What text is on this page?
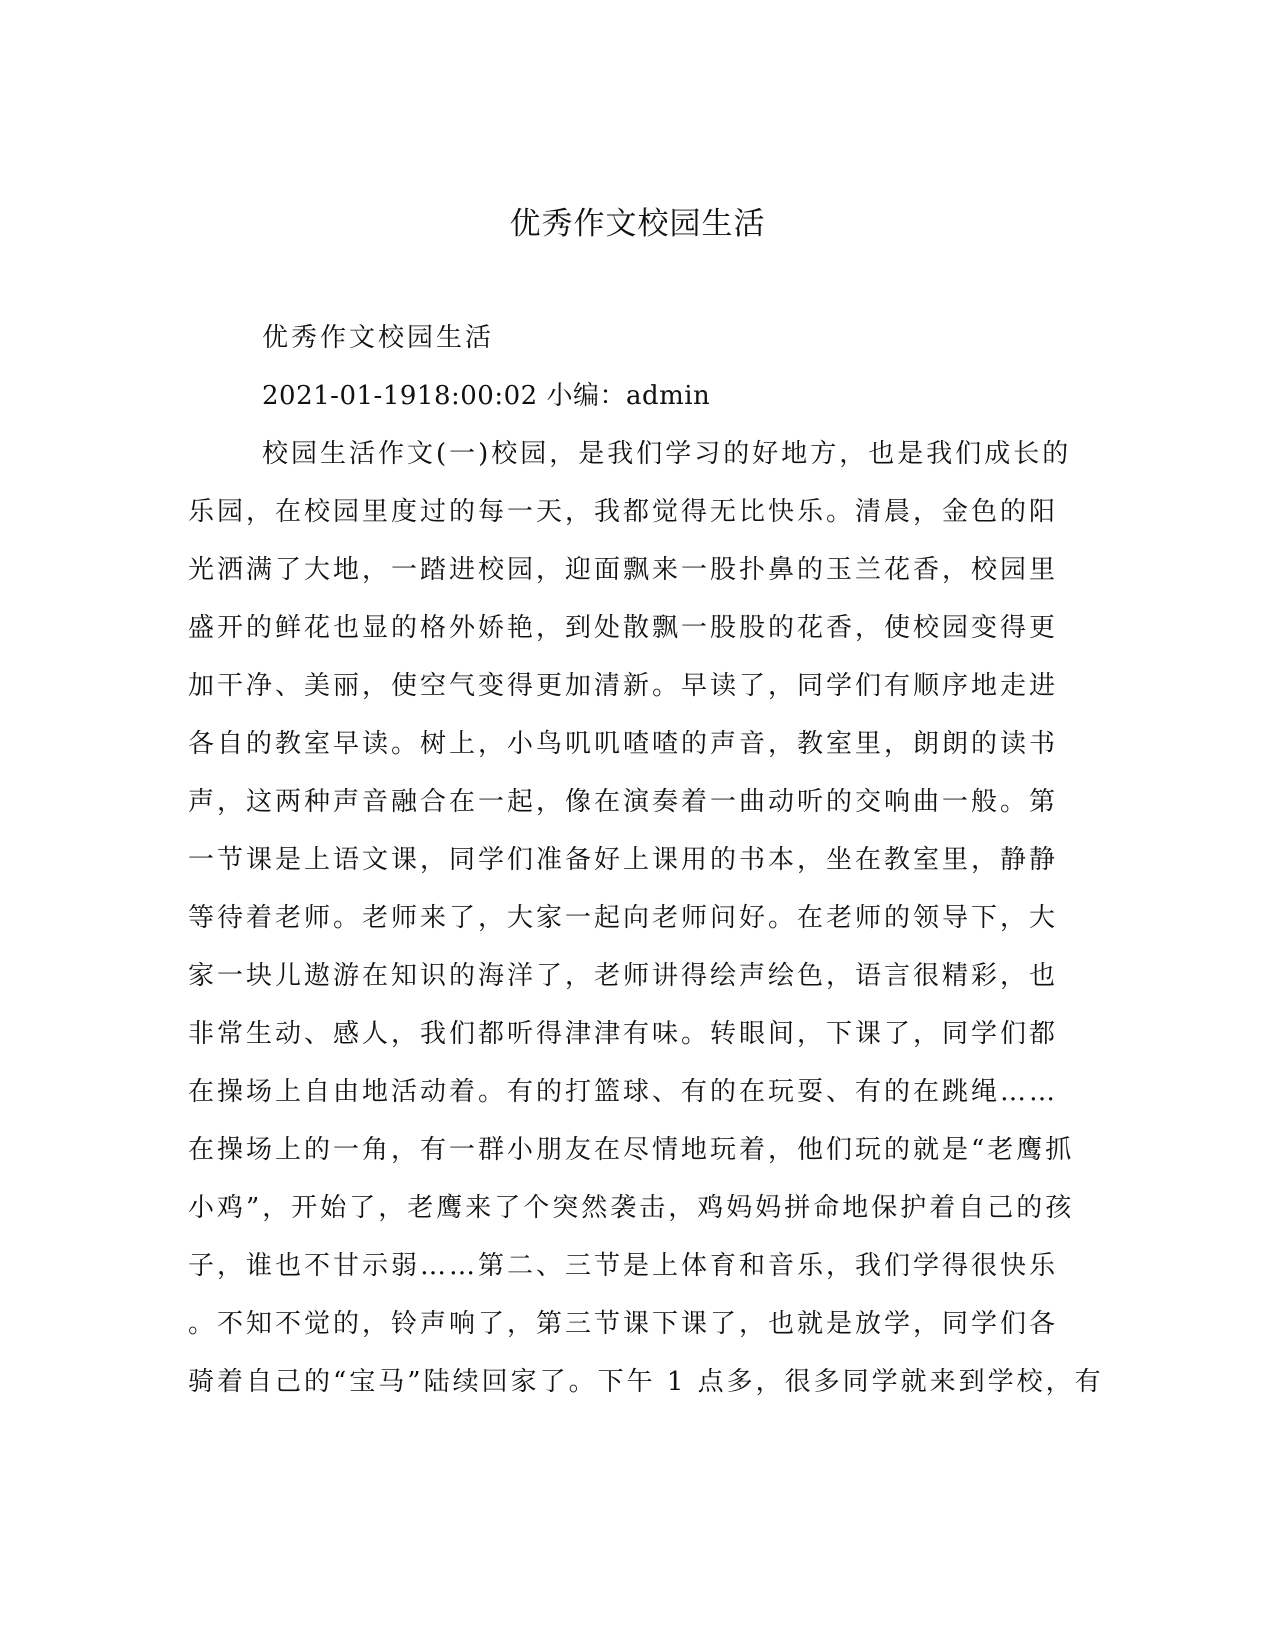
优秀作文校园生活
优秀作文校园生活
2021-01-1918:00:02 小编：admin
校园生活作文(一)校园，是我们学习的好地方，也是我们成长的
乐园，在校园里度过的每一天，我都觉得无比快乐。清晨，金色的阳
光洒满了大地，一踏进校园，迎面飘来一股扑鼻的玉兰花香，校园里
盛开的鲜花也显的格外娇艳，到处散飘一股股的花香，使校园变得更
加干净、美丽，使空气变得更加清新。早读了，同学们有顺序地走进
各自的教室早读。树上，小鸟叽叽喳喳的声音，教室里，朗朗的读书
声，这两种声音融合在一起，像在演奏着一曲动听的交响曲一般。第
一节课是上语文课，同学们准备好上课用的书本，坐在教室里，静静
等待着老师。老师来了，大家一起向老师问好。在老师的领导下，大
家一块儿遨游在知识的海洋了，老师讲得绘声绘色，语言很精彩，也
非常生动、感人，我们都听得津津有味。转眼间，下课了，同学们都
在操场上自由地活动着。有的打篮球、有的在玩耍、有的在跳绳……
在操场上的一角，有一群小朋友在尽情地玩着，他们玩的就是“老鹰抓
小鸡”，开始了，老鹰来了个突然袭击，鸡妈妈拼命地保护着自己的孩
子，谁也不甘示弱……第二、三节是上体育和音乐，我们学得很快乐
。不知不觉的，铃声响了，第三节课下课了，也就是放学，同学们各
骑着自己的“宝马”陆续回家了。下午 1 点多，很多同学就来到学校，有
